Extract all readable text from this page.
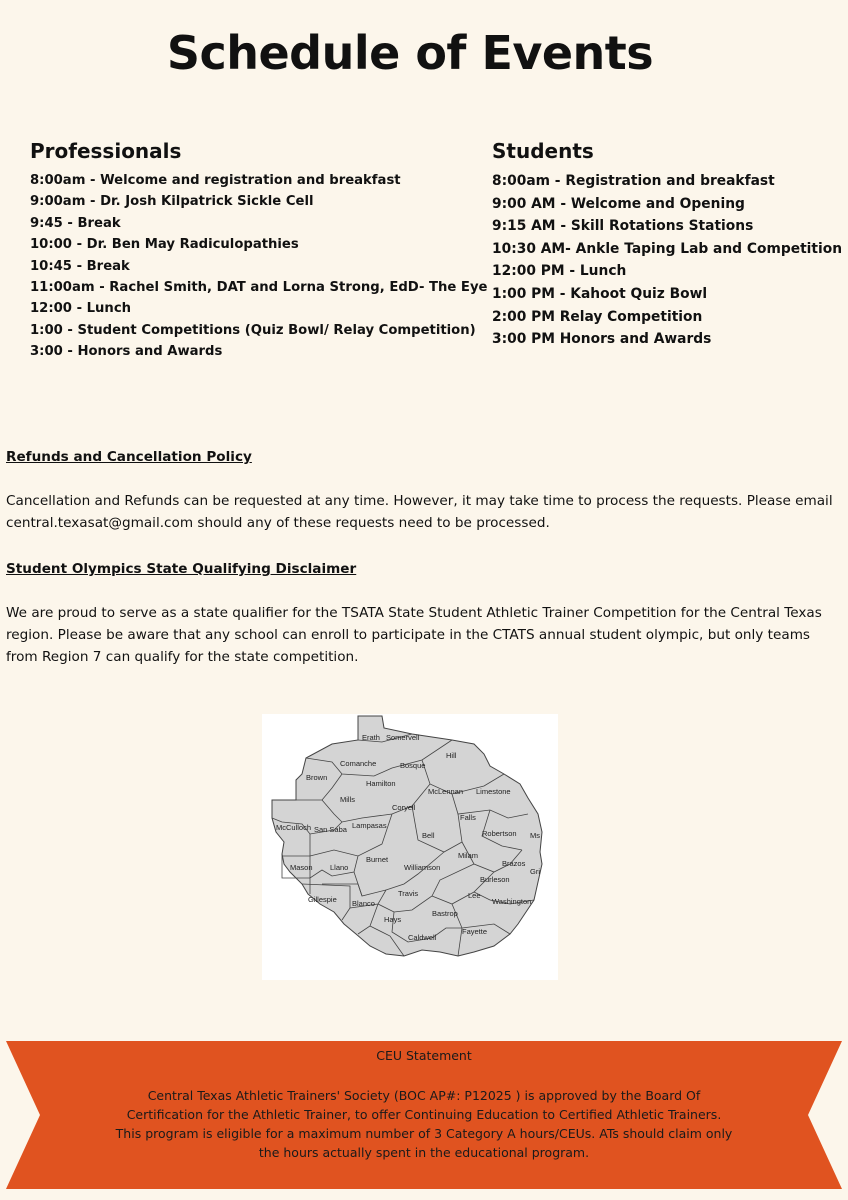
Schedule of Events
Professionals
8:00am - Welcome and registration and breakfast
9:00am - Dr. Josh Kilpatrick Sickle Cell
9:45 - Break
10:00 - Dr. Ben May Radiculopathies
10:45 - Break
11:00am - Rachel Smith, DAT and Lorna Strong, EdD- The Eye
12:00 - Lunch
1:00 - Student Competitions (Quiz Bowl/ Relay Competition)
3:00 - Honors and Awards
Students
8:00am - Registration and breakfast
9:00 AM - Welcome and Opening
9:15 AM - Skill Rotations Stations
10:30 AM- Ankle Taping Lab and Competition
12:00 PM - Lunch
1:00 PM - Kahoot Quiz Bowl
2:00 PM Relay Competition
3:00 PM Honors and Awards
Refunds and Cancellation Policy
Cancellation and Refunds can be requested at any time. However, it may take time to process the requests. Please email central.texasat@gmail.com should any of these requests need to be processed.
Student Olympics State Qualifying Disclaimer
We are proud to serve as a state qualifier for the TSATA State Student Athletic Trainer Competition for the Central Texas region. Please be aware that any school can enroll to participate in the CTATS annual student olympic, but only teams from Region 7 can qualify for the state competition.
Erath Somervell
Hill
Bosque
Comanche
Brown
Hamilton
Limestone
McLennan
Mills
Coryell
Falls
McCulloch San Saba Lampasas
Robertson Ms
Bell
Milam
Brazos
Gri
Mason Llano
Burnet
Williamson
Burleson
Lee
Washington
Gillespie Blanco
Travis
Hays
Bastrop
Caldwell
Fayette
CEU Statement
Central Texas Athletic Trainers' Society (BOC AP#: P12025 ) is approved by the Board Of Certification for the Athletic Trainer, to offer Continuing Education to Certified Athletic Trainers. This program is eligible for a maximum number of 3 Category A hours/CEUs. ATs should claim only the hours actually spent in the educational program.
